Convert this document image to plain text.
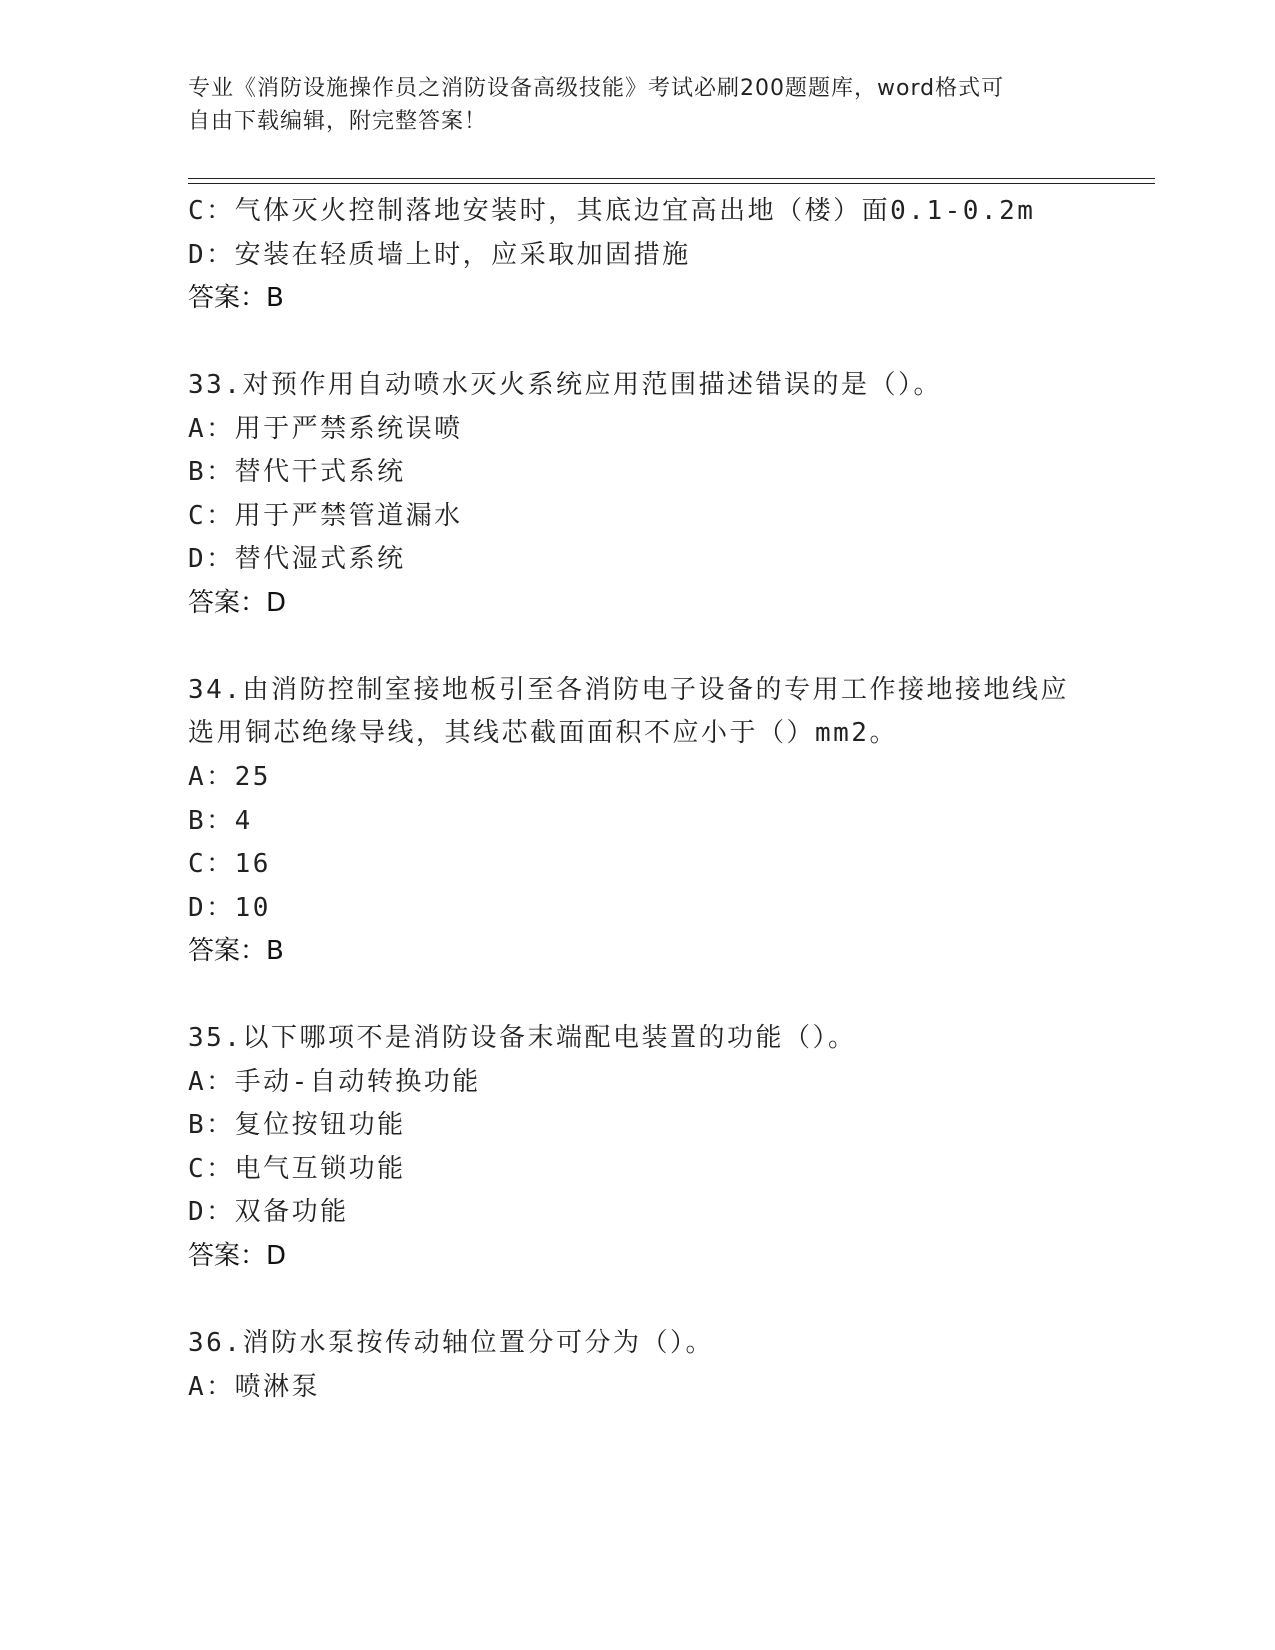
专业《消防设施操作员之消防设备高级技能》考试必刷200题题库，word格式可
自由下载编辑，附完整答案！
C：气体灭火控制落地安装时，其底边宜高出地（楼）面0.1-0.2m
D：安装在轻质墙上时，应采取加固措施
答案：B
33.对预作用自动喷水灭火系统应用范围描述错误的是（）。
A：用于严禁系统误喷
B：替代干式系统
C：用于严禁管道漏水
D：替代湿式系统
答案：D
34.由消防控制室接地板引至各消防电子设备的专用工作接地接地线应
选用铜芯绝缘导线，其线芯截面面积不应小于（）mm2。
A：25
B：4
C：16
D：10
答案：B
35.以下哪项不是消防设备末端配电装置的功能（）。
A：手动-自动转换功能
B：复位按钮功能
C：电气互锁功能
D：双备功能
答案：D
36.消防水泵按传动轴位置分可分为（）。
A：喷淋泵
